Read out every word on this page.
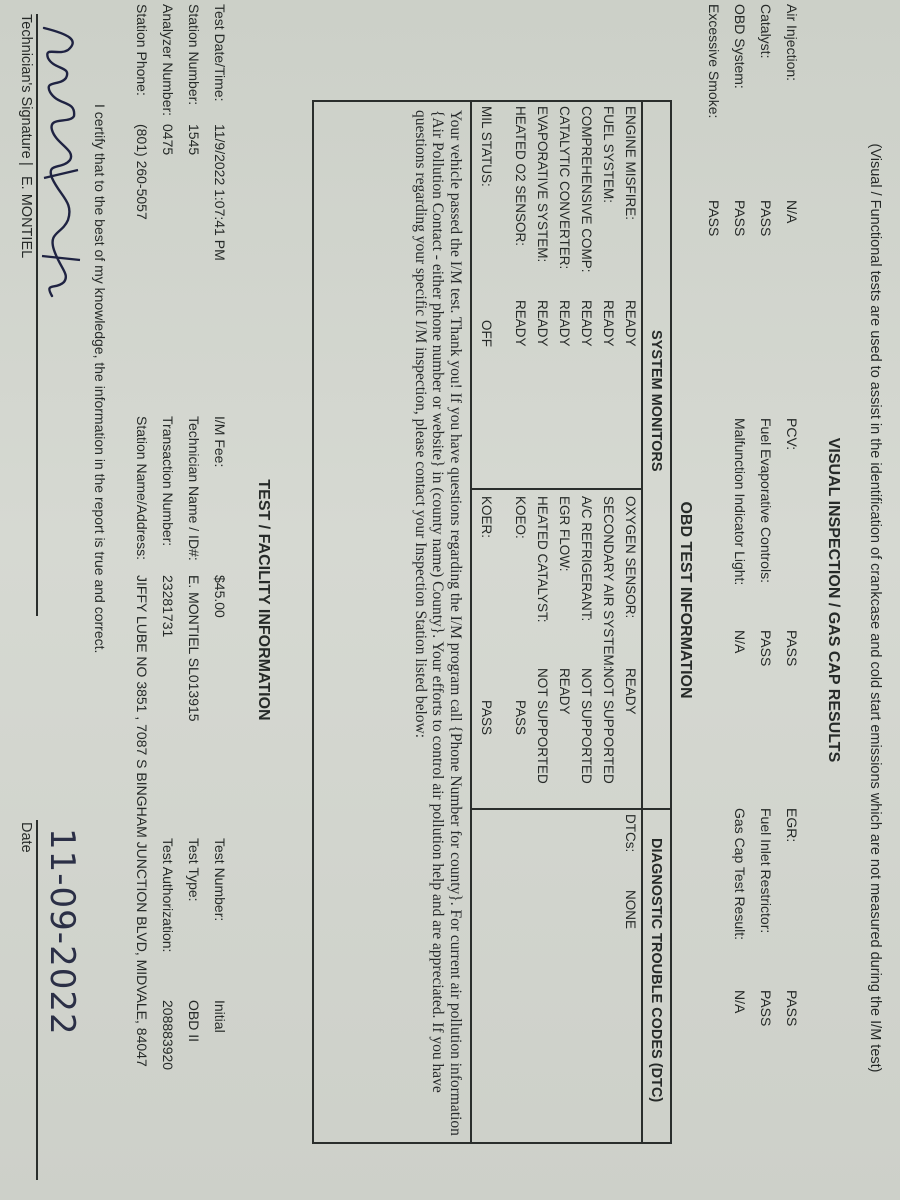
(Visual / Functional tests are used to assist in the identification of crankcase and cold start emissions which are not measured during the I/M test)
VISUAL INSPECTION / GAS CAP RESULTS
Air Injection:
N/A
Catalyst:
PASS
OBD System:
PASS
Excessive Smoke:
PASS
PCV:
PASS
Fuel Evaporative Controls:
PASS
Malfunction Indicator Light:
N/A
EGR:
PASS
Fuel Inlet Restrictor:
PASS
Gas Cap Test Result:
N/A
OBD TEST INFORMATION
SYSTEM MONITORS
DIAGNOSTIC TROUBLE CODES (DTC)
DTCs:
NONE
ENGINE MISFIRE:
READY
FUEL SYSTEM:
READY
COMPREHENSIVE COMP:
READY
CATALYTIC CONVERTER:
READY
EVAPORATIVE SYSTEM:
READY
HEATED O2 SENSOR:
READY
MIL STATUS:
OFF
OXYGEN SENSOR:
READY
SECONDARY AIR SYSTEM:
NOT SUPPORTED
A/C REFRIGERANT:
NOT SUPPORTED
EGR FLOW:
READY
HEATED CATALYST:
NOT SUPPORTED
KOEO:
PASS
KOER:
PASS
Your vehicle passed the I/M test. Thank you! If you have questions regarding the I/M program call {Phone Number for county}. For current air pollution information {Air Pollution Contact - either phone number or website} in (county name) County}. Your efforts to control air pollution help and are appreciated. If you have questions regarding your specific I/M inspection, please contact your Inspection Station listed below:
TEST / FACILITY INFORMATION
Test Date/Time:
11/9/2022 1:07:41 PM
Station Number:
1545
Analyzer Number:
0475
Station Phone:
(801) 260-5057
I/M Fee:
$45.00
Technician Name / ID#:
E. MONTIEL SL013915
Transaction Number:
23281731
Station Name/Address:
JIFFY LUBE NO 3851 , 7087 S BINGHAM JUNCTION BLVD, MIDVALE, 84047	Test Number:
Initial
Test Type:
OBD II
Test Authorization:
208883920
I certify that to the best of my knowledge, the information in the report is true and correct.
Technician's Signature
|
E. MONTIEL
11-09-2022
Date
